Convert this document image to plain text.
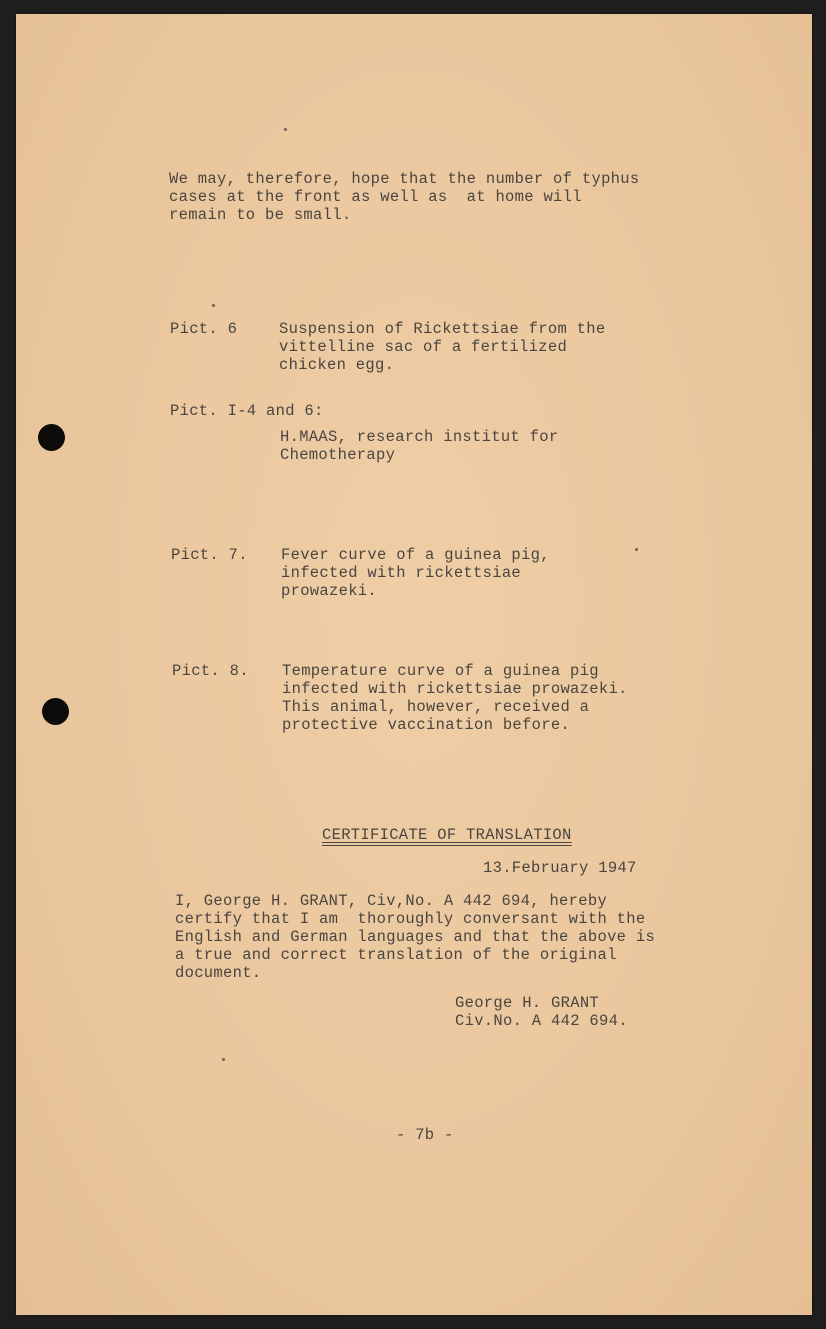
We may, therefore, hope that the number of typhus
cases at the front as well as  at home will
remain to be small.
Pict. 6	Suspension of Rickettsiae from the
vittelline sac of a fertilized
chicken egg.
Pict. I-4 and 6:
H.MAAS, research institut for
Chemotherapy
Pict. 7. Fever curve of a guinea pig,
infected with rickettsiae
prowazeki.
Pict. 8. Temperature curve of a guinea pig
infected with rickettsiae prowazeki.
This animal, however, received a
protective vaccination before.
CERTIFICATE OF TRANSLATION
13.February 1947
I, George H. GRANT, Civ,No. A 442 694, hereby
certify that I am  thoroughly conversant with the
English and German languages and that the above is
a true and correct translation of the original
document.
George H. GRANT
Civ.No. A 442 694.
- 7b -
